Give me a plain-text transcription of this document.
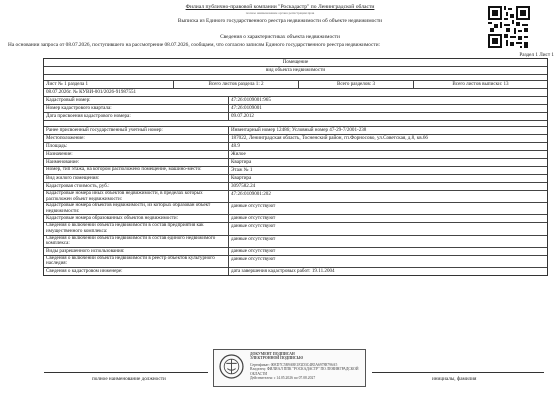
Филиал публично-правовой компании "Роскадастр" по Ленинградской области
полное наименование органа регистрации прав
Выписка из Единого государственного реестра недвижимости об объекте недвижимости
Сведения о характеристиках объекта недвижимости
На основании запроса от 08.07.2026, поступившего на рассмотрение 08.07.2026, сообщаем, что согласно записям Единого государственного реестра недвижимости:
Раздел 1 Лист 1
Помещение
вид объекта недвижимости
Лист № 1 раздела 1	Всего листов раздела 1: 2	Всего разделов: 3	Всего листов выписки: 13
08.07.2026г. № КУВИ-001/2026-91987551
Кадастровый номер:	47:26:0109001:965
Номер кадастрового квартала:	47:26:0109001
Дата присвоения кадастрового номера:	09.07.2012
Ранее присвоенный государственный учетный номер:	Инвентарный номер 12486; Условный номер 47-29-7/2001-238
Местоположение:	187022, Ленинградская область, Тосненский район, гп.Форносово, ул.Советская, д.8, кв.66
Площадь:	48.9
Назначение:	Жилое
Наименование:	Квартира
Номер, тип этажа, на котором расположено помещение, машино-место:	Этаж № 1
Вид жилого помещения:	Квартира
Кадастровая стоимость, руб.:	3097582.24
Кадастровые номера иных объектов недвижимости, в пределах которых расположен объект недвижимости:
47:26:0109001:202
Кадастровые номера объектов недвижимости, из которых образован объект недвижимости:
данные отсутствуют
Кадастровые номера образованных объектов недвижимости:	данные отсутствуют
Сведения о включении объекта недвижимости в состав предприятия как имущественного комплекса:
данные отсутствуют
Сведения о включении объекта недвижимости в состав единого недвижимого комплекса:
данные отсутствуют
Виды разрешенного использования:	данные отсутствуют
Сведения о включении объекта недвижимости в реестр объектов культурного наследия:
данные отсутствуют
Сведения о кадастровом инженере:	дата завершения кадастровых работ: 19.11.2004
полное наименование должности	инициалы, фамилия
ДОКУМЕНТ ПОДПИСАН
ЭЛЕКТРОННОЙ ПОДПИСЬЮ
Сертификат: 00ED7C5B9A8E1F2D3C4B5A69788796A5
Владелец: ФИЛИАЛ ППК "РОСКАДАСТР" ПО ЛЕНИНГРАДСКОЙ ОБЛАСТИ
Действителен: с 14.05.2026 по 07.08.2027
